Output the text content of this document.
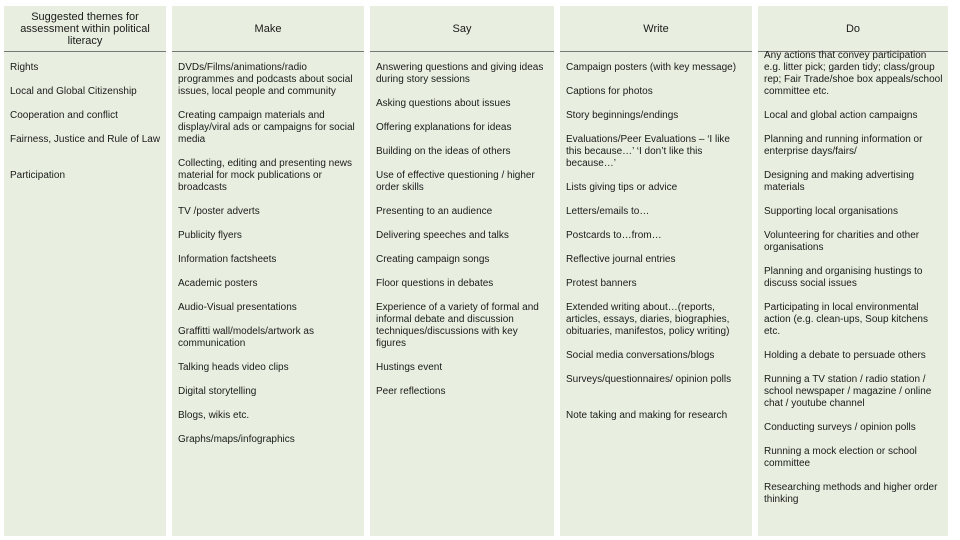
Suggested themes for assessment within political literacy
Rights
Local and Global Citizenship
Cooperation and conflict
Fairness, Justice and Rule of Law
Participation
Make
DVDs/Films/animations/radio programmes and podcasts about social issues, local people and community
Creating campaign materials and display/viral ads or campaigns for social media
Collecting, editing and presenting news material for mock publications or broadcasts
TV /poster adverts
Publicity flyers
Information factsheets
Academic posters
Audio-Visual presentations
Graffitti wall/models/artwork as communication
Talking heads video clips
Digital storytelling
Blogs, wikis etc.
Graphs/maps/infographics
Say
Answering questions and giving ideas during story sessions
Asking questions about issues
Offering explanations for ideas
Building on the ideas of others
Use of effective questioning / higher order skills
Presenting to an audience
Delivering speeches and talks
Creating campaign songs
Floor questions in debates
Experience of a variety of formal and informal debate and discussion techniques/discussions with key figures
Hustings event
Peer reflections
Write
Campaign posters (with key message)
Captions for photos
Story beginnings/endings
Evaluations/Peer Evaluations – ‘I like this because…’ ‘I don’t like this because…’
Lists giving tips or advice
Letters/emails to…
Postcards to…from…
Reflective journal entries
Protest banners
Extended writing about…(reports, articles, essays, diaries, biographies, obituaries, manifestos, policy writing)
Social media conversations/blogs
Surveys/questionnaires/ opinion polls
Note taking and making for research
Do
Any actions that convey participation e.g. litter pick; garden tidy; class/group rep; Fair Trade/shoe box appeals/school committee etc.
Local and global action campaigns
Planning and running information or enterprise days/fairs/
Designing and making advertising materials
Supporting local organisations
Volunteering for charities and other organisations
Planning and organising hustings to discuss social issues
Participating in local environmental action (e.g. clean-ups, Soup kitchens etc.
Holding a debate to persuade others
Running a TV station / radio station / school newspaper / magazine / online chat / youtube channel
Conducting surveys / opinion polls
Running a mock election or school committee
Researching methods and higher order thinking
